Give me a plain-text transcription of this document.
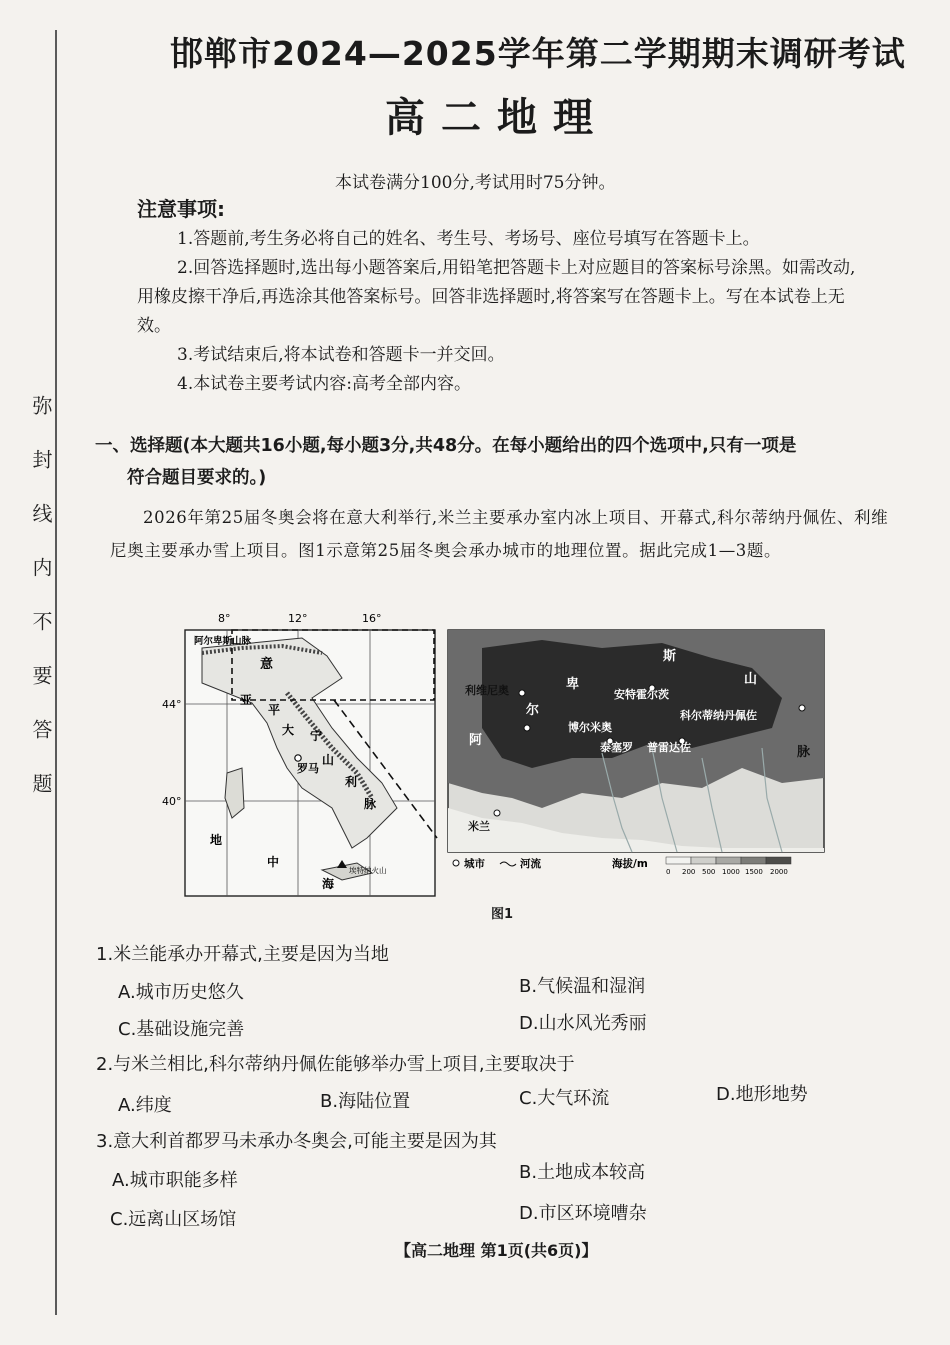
弥封线内不要答题
邯郸市2024—2025学年第二学期期末调研考试
高二地理
本试卷满分100分,考试用时75分钟。
注意事项:

1.答题前,考生务必将自己的姓名、考生号、考场号、座位号填写在答题卡上。

2.回答选择题时,选出每小题答案后,用铅笔把答题卡上对应题目的答案标号涂黑。如需改动,用橡皮擦干净后,再选涂其他答案标号。回答非选择题时,将答案写在答题卡上。写在本试卷上无效。

3.考试结束后,将本试卷和答题卡一并交回。

4.本试卷主要考试内容:高考全部内容。

一、选择题(本大题共16小题,每小题3分,共48分。在每小题给出的四个选项中,只有一项是
符合题目要求的。)
2026年第25届冬奥会将在意大利举行,米兰主要承办室内冰上项目、开幕式,科尔蒂纳丹佩佐、利维尼奥主要承办雪上项目。图1示意第25届冬奥会承办城市的地理位置。据此完成1—3题。
8°	12°	16°
44°
40°
阿尔卑斯山脉
意
亚
平
大 宁
利
山
脉
罗马
地
中
海
埃特纳火山
利维尼奥
博尔米奥
安特霍尔茨
科尔蒂纳丹佩佐
泰塞罗 普雷达佐
米兰
阿
尔
卑
斯
山
脉
城市	河流	海拔/m
0 200 500 1000 1500 2000
图1
1.米兰能承办开幕式,主要是因为当地
A.城市历史悠久	B.气候温和湿润
C.基础设施完善	D.山水风光秀丽
2.与米兰相比,科尔蒂纳丹佩佐能够举办雪上项目,主要取决于
A.纬度	B.海陆位置	C.大气环流	D.地形地势
3.意大利首都罗马未承办冬奥会,可能主要是因为其
A.城市职能多样	B.土地成本较高
C.远离山区场馆	D.市区环境嘈杂
【高二地理 第1页(共6页)】
